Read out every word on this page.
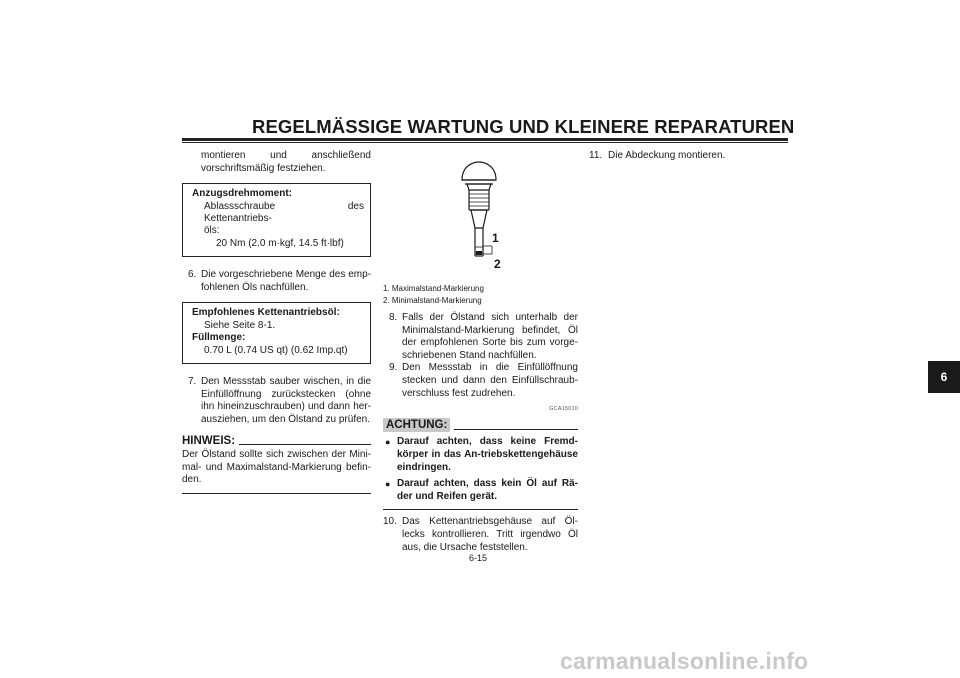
REGELMÄSSIGE WARTUNG UND KLEINERE REPARATUREN
6
montieren und anschließend
vorschriftsmäßig festziehen.
Anzugsdrehmoment:
Ablassschraube des Kettenantriebs-
öls:
20 Nm (2.0 m·kgf, 14.5 ft·lbf)
6. Die vorgeschriebene Menge des emp-fohlenen Öls nachfüllen.
Empfohlenes Kettenantriebsöl:
Siehe Seite 8-1.
Füllmenge:
0.70 L (0.74 US qt) (0.62 Imp.qt)
7. Den Messstab sauber wischen, in die Einfüllöffnung zurückstecken (ohne ihn hineinzuschrauben) und dann her-ausziehen, um den Ölstand zu prüfen.
HINWEIS:
Der Ölstand sollte sich zwischen der Mini-mal- und Maximalstand-Markierung befin-den.
1
2
1. Maximalstand-Markierung
2. Minimalstand-Markierung
8. Falls der Ölstand sich unterhalb der Minimalstand-Markierung befindet, Öl der empfohlenen Sorte bis zum vorge-schriebenen Stand nachfüllen.
9. Den Messstab in die Einfüllöffnung stecken und dann den Einfüllschraub-verschluss fest zudrehen.
GCA15010
ACHTUNG:
● Darauf achten, dass keine Fremd-körper in das An-triebskettengehäuse eindringen.
● Darauf achten, dass kein Öl auf Rä-der und Reifen gerät.
10. Das Kettenantriebsgehäuse auf Öl-lecks kontrollieren. Tritt irgendwo Öl aus, die Ursache feststellen.
11. Die Abdeckung montieren.
6-15
carmanualsonline.info
